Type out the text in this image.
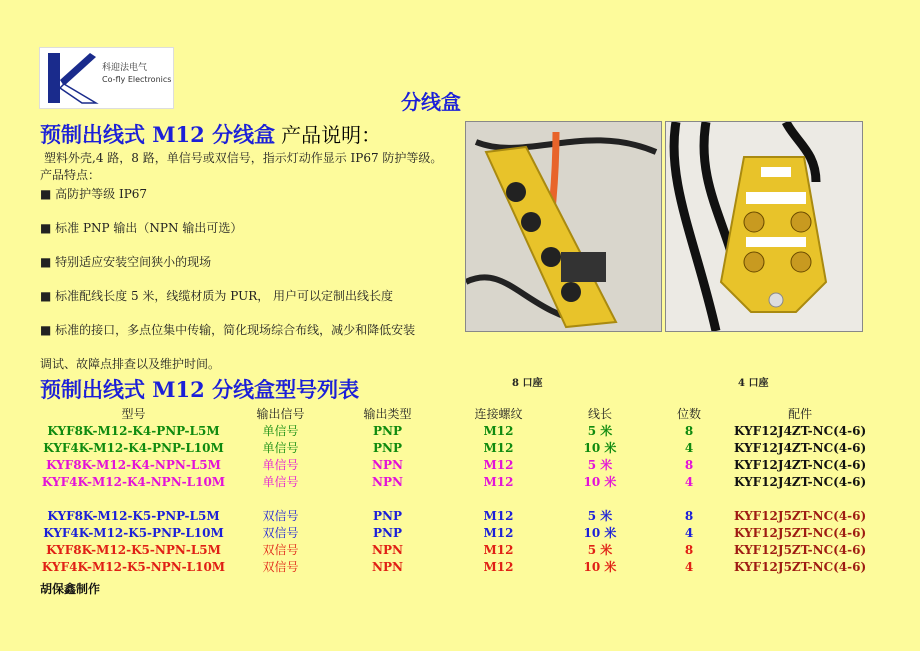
科迎法电气
Co-fly Electronics
分线盒
预制出线式 M12 分线盒 产品说明：
塑料外壳,4 路，8 路，单信号或双信号，指示灯动作显示 IP67 防护等级。
产品特点：
■ 高防护等级 IP67
■ 标准 PNP 输出（NPN 输出可选）
■ 特别适应安装空间狭小的现场
■ 标准配线长度 5 米，线缆材质为 PUR， 用户可以定制出线长度
■ 标准的接口，多点位集中传输，简化现场综合布线，减少和降低安装
调试、故障点排查以及维护时间。
预制出线式 M12 分线盒型号列表	8 口座	4 口座
型号	输出信号	输出类型	连接螺纹	线长	位数	配件
KYF8K-M12-K4-PNP-L5M	单信号	PNP	M12	5 米	8	KYF12J4ZT-NC(4-6)
KYF4K-M12-K4-PNP-L10M	单信号	PNP	M12	10 米	4	KYF12J4ZT-NC(4-6)
KYF8K-M12-K4-NPN-L5M	单信号	NPN	M12	5 米	8	KYF12J4ZT-NC(4-6)
KYF4K-M12-K4-NPN-L10M	单信号	NPN	M12	10 米	4	KYF12J4ZT-NC(4-6)

KYF8K-M12-K5-PNP-L5M	双信号	PNP	M12	5 米	8	KYF12J5ZT-NC(4-6)
KYF4K-M12-K5-PNP-L10M	双信号	PNP	M12	10 米	4	KYF12J5ZT-NC(4-6)
KYF8K-M12-K5-NPN-L5M	双信号	NPN	M12	5 米	8	KYF12J5ZT-NC(4-6)
KYF4K-M12-K5-NPN-L10M	双信号	NPN	M12	10 米	4	KYF12J5ZT-NC(4-6)
胡保鑫制作
